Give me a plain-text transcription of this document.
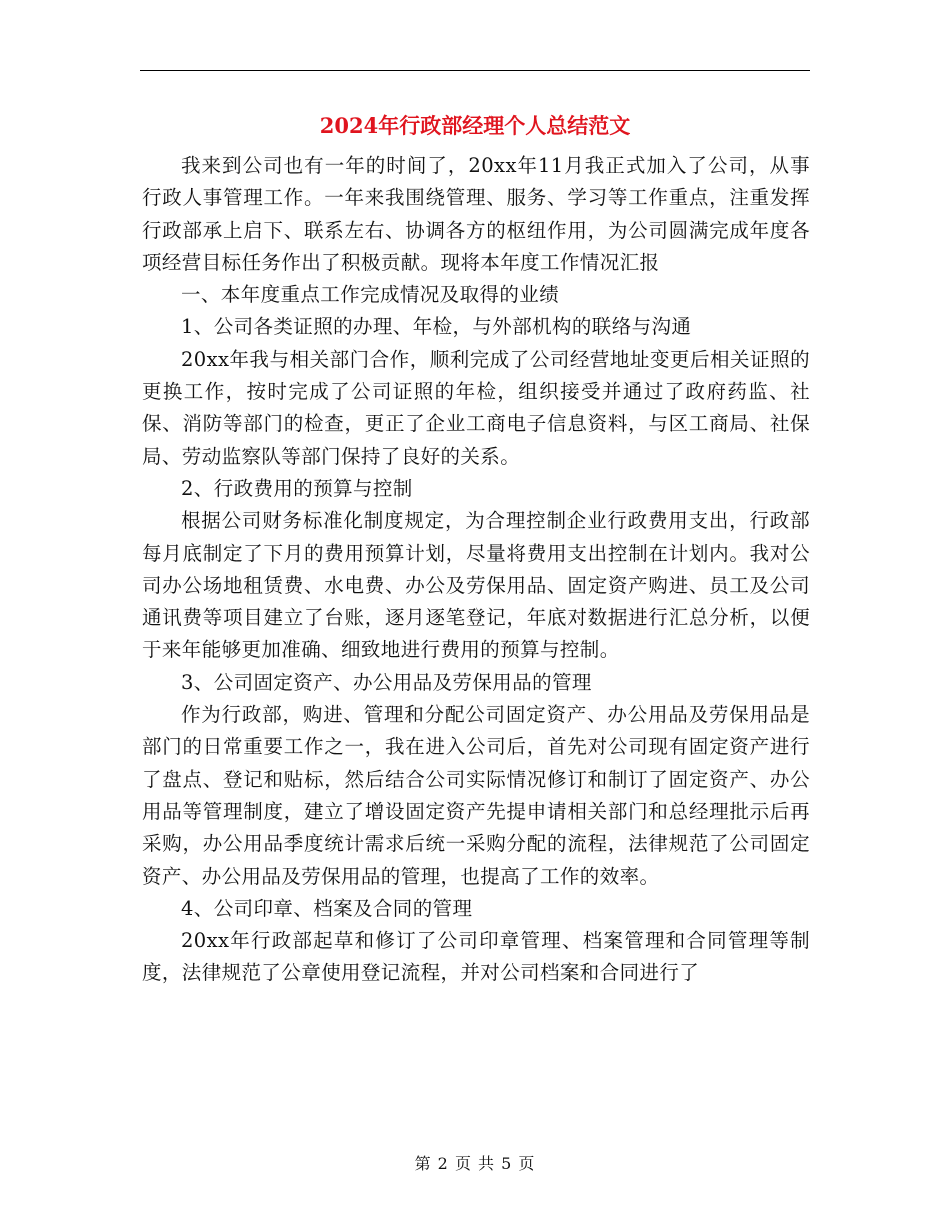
2024年行政部经理个人总结范文

我来到公司也有一年的时间了，20xx年11月我正式加入了公司，从事行政人事管理工作。一年来我围绕管理、服务、学习等工作重点，注重发挥行政部承上启下、联系左右、协调各方的枢纽作用，为公司圆满完成年度各项经营目标任务作出了积极贡献。现将本年度工作情况汇报

一、本年度重点工作完成情况及取得的业绩

1、公司各类证照的办理、年检，与外部机构的联络与沟通

20xx年我与相关部门合作，顺利完成了公司经营地址变更后相关证照的更换工作，按时完成了公司证照的年检，组织接受并通过了政府药监、社保、消防等部门的检查，更正了企业工商电子信息资料，与区工商局、社保局、劳动监察队等部门保持了良好的关系。

2、行政费用的预算与控制

根据公司财务标准化制度规定，为合理控制企业行政费用支出，行政部每月底制定了下月的费用预算计划，尽量将费用支出控制在计划内。我对公司办公场地租赁费、水电费、办公及劳保用品、固定资产购进、员工及公司通讯费等项目建立了台账，逐月逐笔登记，年底对数据进行汇总分析，以便于来年能够更加准确、细致地进行费用的预算与控制。

3、公司固定资产、办公用品及劳保用品的管理

作为行政部，购进、管理和分配公司固定资产、办公用品及劳保用品是部门的日常重要工作之一，我在进入公司后，首先对公司现有固定资产进行了盘点、登记和贴标，然后结合公司实际情况修订和制订了固定资产、办公用品等管理制度，建立了增设固定资产先提申请相关部门和总经理批示后再采购，办公用品季度统计需求后统一采购分配的流程，法律规范了公司固定资产、办公用品及劳保用品的管理，也提高了工作的效率。

4、公司印章、档案及合同的管理

20xx年行政部起草和修订了公司印章管理、档案管理和合同管理等制度，法律规范了公章使用登记流程，并对公司档案和合同进行了

第 2 页 共 5 页
